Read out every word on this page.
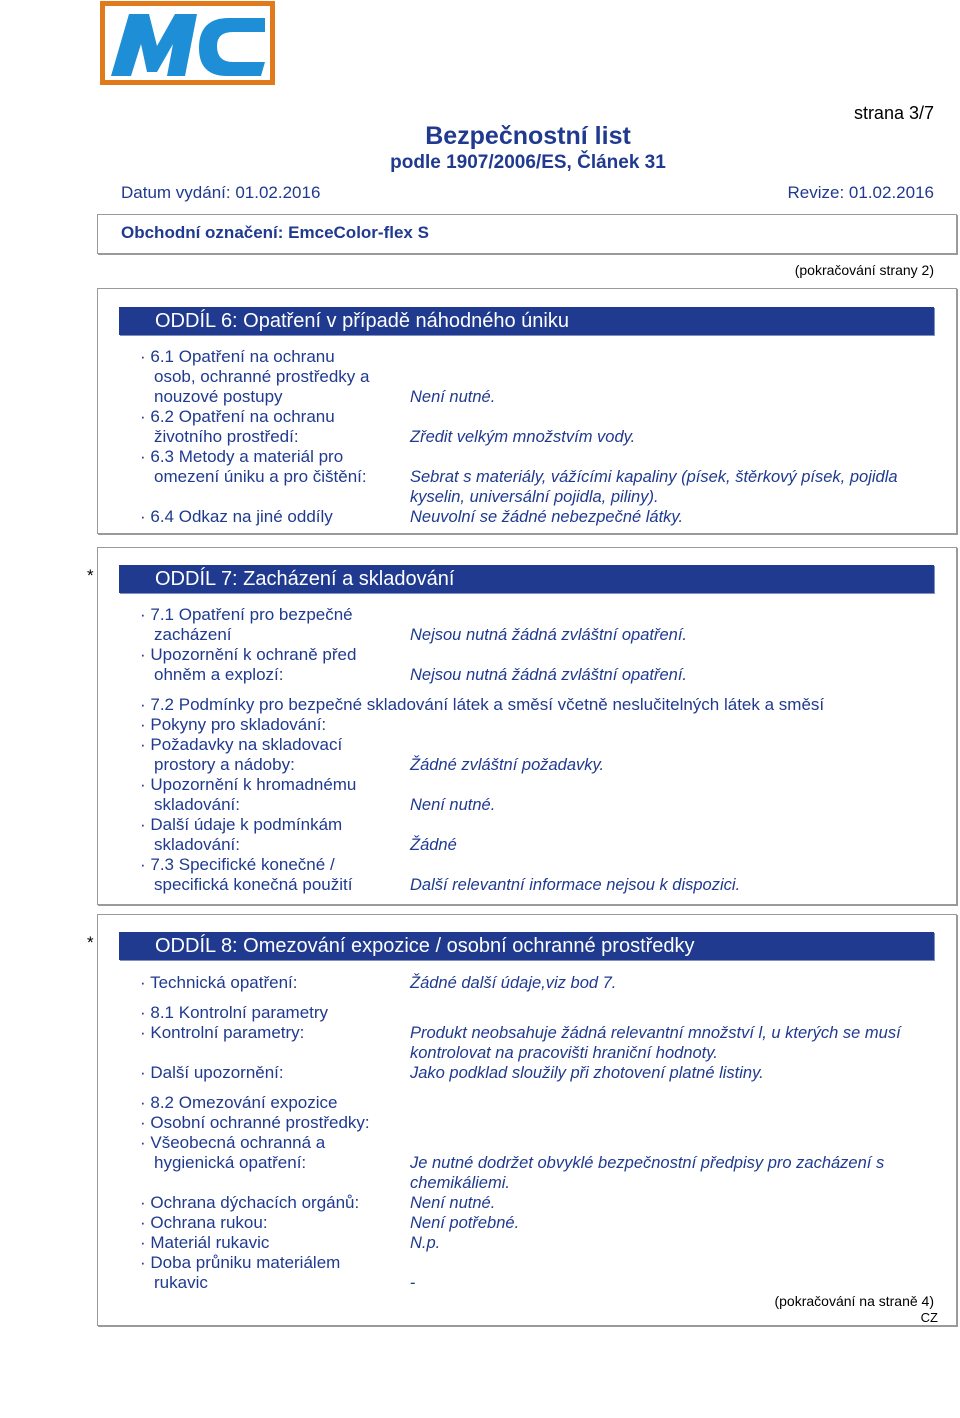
strana 3/7
Bezpečnostní list
podle 1907/2006/ES, Článek 31
Datum vydání: 01.02.2016	Revize: 01.02.2016
Obchodní označení: EmceColor-flex S
(pokračování strany 2)
ODDÍL 6: Opatření v případě náhodného úniku
· 6.1 Opatření na ochranu
osob, ochranné prostředky a
nouzové postupy	Není nutné.
· 6.2 Opatření na ochranu
životního prostředí:	Zředit velkým množstvím vody.
· 6.3 Metody a materiál pro
omezení úniku a pro čištění:	Sebrat s materiály, vážícími kapaliny (písek, štěrkový písek, pojidla
kyselin, universální pojidla, piliny).
· 6.4 Odkaz na jiné oddíly	Neuvolní se žádné nebezpečné látky.
*	ODDÍL 7: Zacházení a skladování
· 7.1 Opatření pro bezpečné
zacházení	Nejsou nutná žádná zvláštní opatření.
· Upozornění k ochraně před
ohněm a explozí:	Nejsou nutná žádná zvláštní opatření.
· 7.2 Podmínky pro bezpečné skladování látek a směsí včetně neslučitelných látek a směsí
· Pokyny pro skladování:
· Požadavky na skladovací
prostory a nádoby:	Žádné zvláštní požadavky.
· Upozornění k hromadnému
skladování:	Není nutné.
· Další údaje k podmínkám
skladování:	Žádné
· 7.3 Specifické konečné /
specifická konečná použití	Další relevantní informace nejsou k dispozici.
*	ODDÍL 8: Omezování expozice / osobní ochranné prostředky
· Technická opatření:	Žádné další údaje,viz bod 7.
· 8.1 Kontrolní parametry
· Kontrolní parametry:	Produkt neobsahuje žádná relevantní množství l, u kterých se musí
kontrolovat na pracovišti hraniční hodnoty.
· Další upozornění:	Jako podklad sloužily při zhotovení platné listiny.
· 8.2 Omezování expozice
· Osobní ochranné prostředky:
· Všeobecná ochranná a
hygienická opatření:	Je nutné dodržet obvyklé bezpečnostní předpisy pro zacházení s
chemikáliemi.
· Ochrana dýchacích orgánů:	Není nutné.
· Ochrana rukou:	Není potřebné.
· Materiál rukavic	N.p.
· Doba průniku materiálem
rukavic	-
(pokračování na straně 4)
CZ
